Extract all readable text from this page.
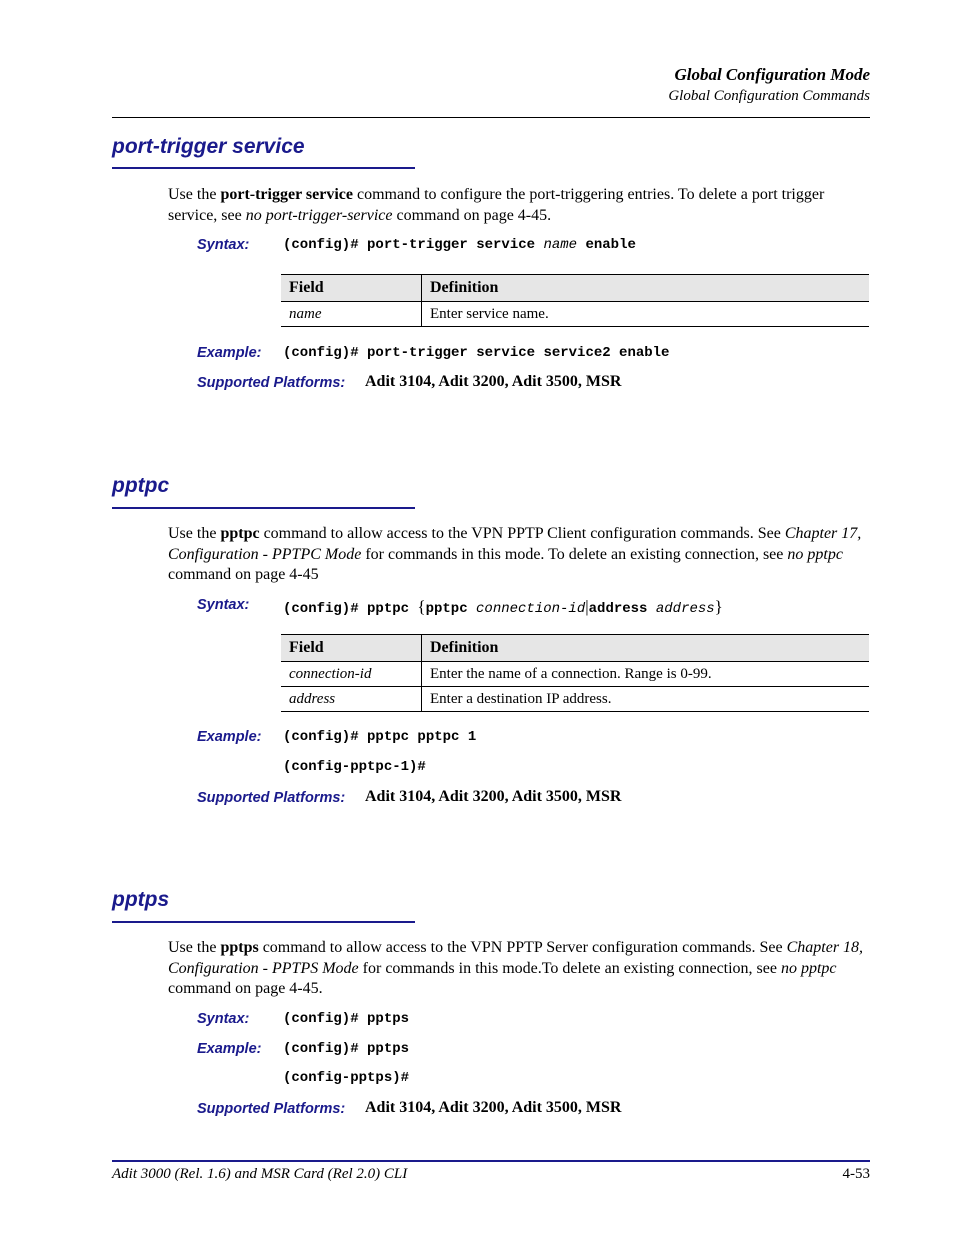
Global Configuration Mode
Global Configuration Commands
port-trigger service
Use the port-trigger service command to configure the port-triggering entries. To delete a port trigger service, see no port-trigger-service command on page 4-45.
Syntax: (config)# port-trigger service name enable
Field	Definition
name	Enter service name.
Example: (config)# port-trigger service service2 enable
Supported Platforms: Adit 3104, Adit 3200, Adit 3500, MSR
pptpc
Use the pptpc command to allow access to the VPN PPTP Client configuration commands. See Chapter 17, Configuration - PPTPC Mode for commands in this mode. To delete an existing connection, see no pptpc command on page 4-45
Syntax: (config)# pptpc {pptpc connection-id|address address}
Field	Definition
connection-id	Enter the name of a connection. Range is 0-99.
address	Enter a destination IP address.
Example: (config)# pptpc pptpc 1
(config-pptpc-1)#
Supported Platforms: Adit 3104, Adit 3200, Adit 3500, MSR
pptps
Use the pptps command to allow access to the VPN PPTP Server configuration commands. See Chapter 18, Configuration - PPTPS Mode for commands in this mode.To delete an existing connection, see no pptpc command on page 4-45.
Syntax: (config)# pptps
Example: (config)# pptps
(config-pptps)#
Supported Platforms: Adit 3104, Adit 3200, Adit 3500, MSR
Adit 3000 (Rel. 1.6) and MSR Card (Rel 2.0) CLI	4-53
